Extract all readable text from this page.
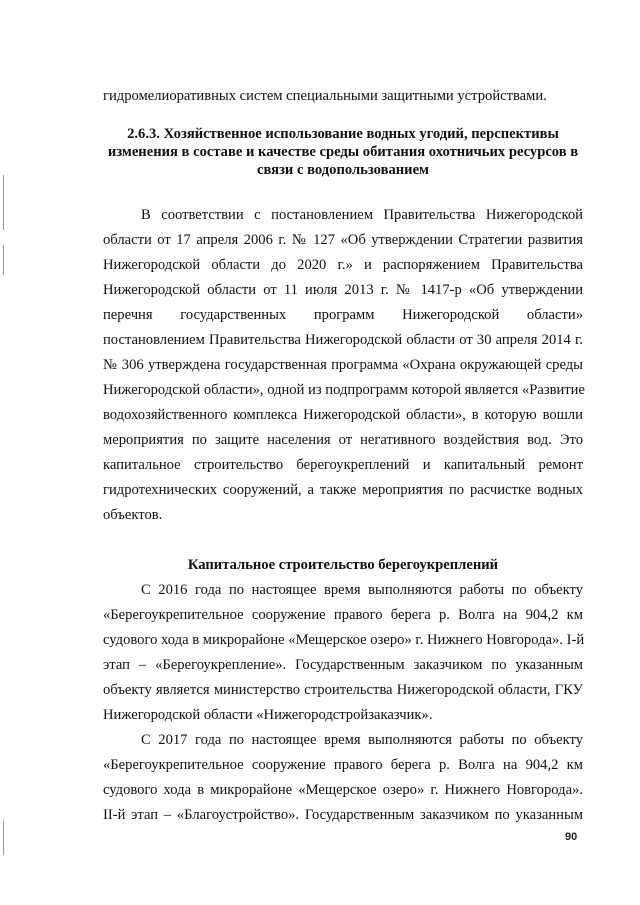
гидромелиоративных систем специальными защитными устройствами.

2.6.3. Хозяйственное использование водных угодий, перспективы

изменения в составе и качестве среды обитания охотничьих ресурсов в

связи с водопользованием

В соответствии с постановлением Правительства Нижегородской

области от 17 апреля 2006 г. № 127 «Об утверждении Стратегии развития

Нижегородской области до 2020 г.» и распоряжением Правительства

Нижегородской области от 11 июля 2013 г. № 1417-р «Об утверждении

перечня государственных программ Нижегородской области»

постановлением Правительства Нижегородской области от 30 апреля 2014 г.

№ 306 утверждена государственная программа «Охрана окружающей среды

Нижегородской области», одной из подпрограмм которой является «Развитие

водохозяйственного комплекса Нижегородской области», в которую вошли

мероприятия по защите населения от негативного воздействия вод. Это

капитальное строительство берегоукреплений и капитальный ремонт

гидротехнических сооружений, а также мероприятия по расчистке водных

объектов.

Капитальное строительство берегоукреплений

С 2016 года по настоящее время выполняются работы по объекту

«Берегоукрепительное сооружение правого берега р. Волга на 904,2 км

судового хода в микрорайоне «Мещерское озеро» г. Нижнего Новгорода». I-й

этап – «Берегоукрепление». Государственным заказчиком по указанным

объекту является министерство строительства Нижегородской области, ГКУ

Нижегородской области «Нижегородстройзаказчик».

С 2017 года по настоящее время выполняются работы по объекту

«Берегоукрепительное сооружение правого берега р. Волга на 904,2 км

судового хода в микрорайоне «Мещерское озеро» г. Нижнего Новгорода».

II-й этап – «Благоустройство». Государственным заказчиком по указанным

90
